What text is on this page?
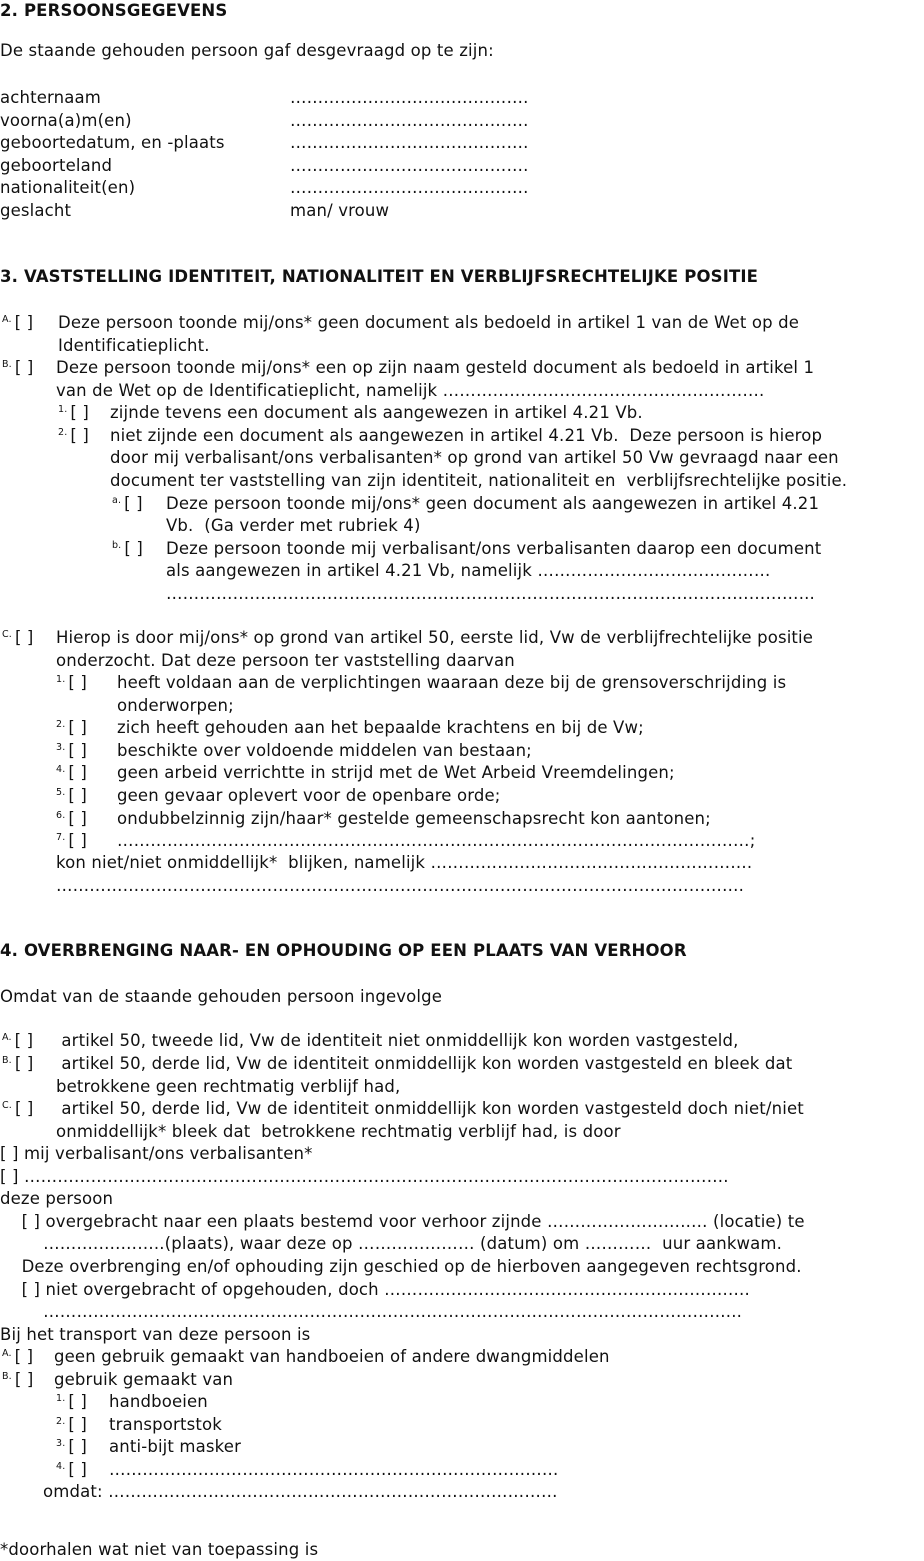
2. PERSOONSGEGEVENS
De staande gehouden persoon gaf desgevraagd op te zijn:
achternaam	…………………………………….
voorna(a)m(en)	…………………………………….
geboortedatum, en -plaats	…………………………………….
geboorteland	…………………………………….
nationaliteit(en)	…………………………………….
geslacht	man/ vrouw
3. VASTSTELLING IDENTITEIT, NATIONALITEIT EN VERBLIJFSRECHTELIJKE POSITIE
$^{A.}$ [ ] Deze persoon toonde mij/ons* geen document als bedoeld in artikel 1 van de Wet op de
Identificatieplicht.
$^{B.}$ [ ] Deze persoon toonde mij/ons* een op zijn naam gesteld document als bedoeld in artikel 1
van de Wet op de Identificatieplicht, namelijk ………………………………………………….
$^{1.}$ [ ] zijnde tevens een document als aangewezen in artikel 4.21 Vb.
$^{2.}$ [ ] niet zijnde een document als aangewezen in artikel 4.21 Vb.  Deze persoon is hierop
door mij verbalisant/ons verbalisanten* op grond van artikel 50 Vw gevraagd naar een
document ter vaststelling van zijn identiteit, nationaliteit en  verblijfsrechtelijke positie.
$^{a.}$ [ ] Deze persoon toonde mij/ons* geen document als aangewezen in artikel 4.21
Vb.  (Ga verder met rubriek 4)
$^{b.}$ [ ] Deze persoon toonde mij verbalisant/ons verbalisanten daarop een document
als aangewezen in artikel 4.21 Vb, namelijk ……………………………………
……………………………………………………………………………………………………...
$^{C.}$ [ ] Hierop is door mij/ons* op grond van artikel 50, eerste lid, Vw de verblijfrechtelijke positie
onderzocht. Dat deze persoon ter vaststelling daarvan
$^{1.}$ [ ] heeft voldaan aan de verplichtingen waaraan deze bij de grensoverschrijding is
onderworpen;
$^{2.}$ [ ] zich heeft gehouden aan het bepaalde krachtens en bij de Vw;
$^{3.}$ [ ] beschikte over voldoende middelen van bestaan;
$^{4.}$ [ ] geen arbeid verrichtte in strijd met de Wet Arbeid Vreemdelingen;
$^{5.}$ [ ] geen gevaar oplevert voor de openbare orde;
$^{6.}$ [ ] ondubbelzinnig zijn/haar* gestelde gemeenschapsrecht kon aantonen;
$^{7.}$ [ ] ……………………………………………………………………………………………………;
kon niet/niet onmiddellijk*  blijken, namelijk ………………………………………………….
…………………………………………………………………………………………………………….
4. OVERBRENGING NAAR- EN OPHOUDING OP EEN PLAATS VAN VERHOOR
Omdat van de staande gehouden persoon ingevolge
$^{A.}$ [ ] artikel 50, tweede lid, Vw de identiteit niet onmiddellijk kon worden vastgesteld,
$^{B.}$ [ ] artikel 50, derde lid, Vw de identiteit onmiddellijk kon worden vastgesteld en bleek dat
betrokkene geen rechtmatig verblijf had,
$^{C.}$ [ ] artikel 50, derde lid, Vw de identiteit onmiddellijk kon worden vastgesteld doch niet/niet
onmiddellijk* bleek dat  betrokkene rechtmatig verblijf had, is door
[ ] mij verbalisant/ons verbalisanten*
[ ] ……………………………………………………………………………………………………………….
deze persoon
[ ] overgebracht naar een plaats bestemd voor verhoor zijnde ……………………..… (locatie) te
…….…….……..(plaats), waar deze op ………………… (datum) om …………  uur aankwam.
Deze overbrenging en/of ophouding zijn geschied op de hierboven aangegeven rechtsgrond.
[ ] niet overgebracht of opgehouden, doch …………………………………………….………..…
……………………………………………………………………………………………………………...
Bij het transport van deze persoon is
$^{A.}$ [ ] geen gebruik gemaakt van handboeien of andere dwangmiddelen
$^{B.}$ [ ] gebruik gemaakt van
$^{1.}$ [ ] handboeien
$^{2.}$ [ ] transportstok
$^{3.}$ [ ] anti-bijt masker
$^{4.}$ [ ] ………………………………………………………………………
omdat: ………………………………………………………………………
*doorhalen wat niet van toepassing is
